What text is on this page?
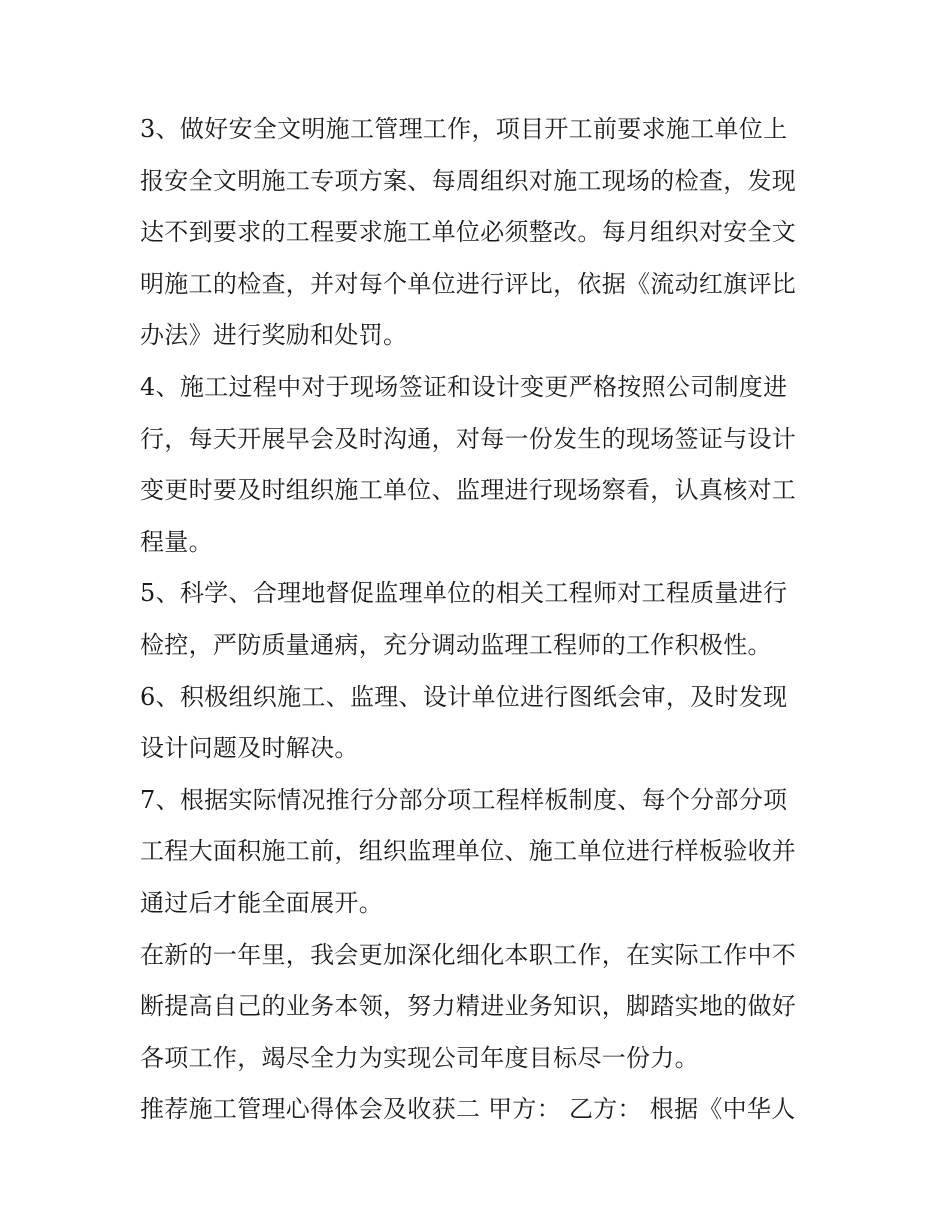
3、做好安全文明施工管理工作，项目开工前要求施工单位上
报安全文明施工专项方案、每周组织对施工现场的检查，发现
达不到要求的工程要求施工单位必须整改。每月组织对安全文
明施工的检查，并对每个单位进行评比，依据《流动红旗评比
办法》进行奖励和处罚。
4、施工过程中对于现场签证和设计变更严格按照公司制度进
行，每天开展早会及时沟通，对每一份发生的现场签证与设计
变更时要及时组织施工单位、监理进行现场察看，认真核对工
程量。
5、科学、合理地督促监理单位的相关工程师对工程质量进行
检控，严防质量通病，充分调动监理工程师的工作积极性。
6、积极组织施工、监理、设计单位进行图纸会审，及时发现
设计问题及时解决。
7、根据实际情况推行分部分项工程样板制度、每个分部分项
工程大面积施工前，组织监理单位、施工单位进行样板验收并
通过后才能全面展开。
在新的一年里，我会更加深化细化本职工作，在实际工作中不
断提高自己的业务本领，努力精进业务知识，脚踏实地的做好
各项工作，竭尽全力为实现公司年度目标尽一份力。
推荐施工管理心得体会及收获二 甲方： 乙方： 根据《中华人
